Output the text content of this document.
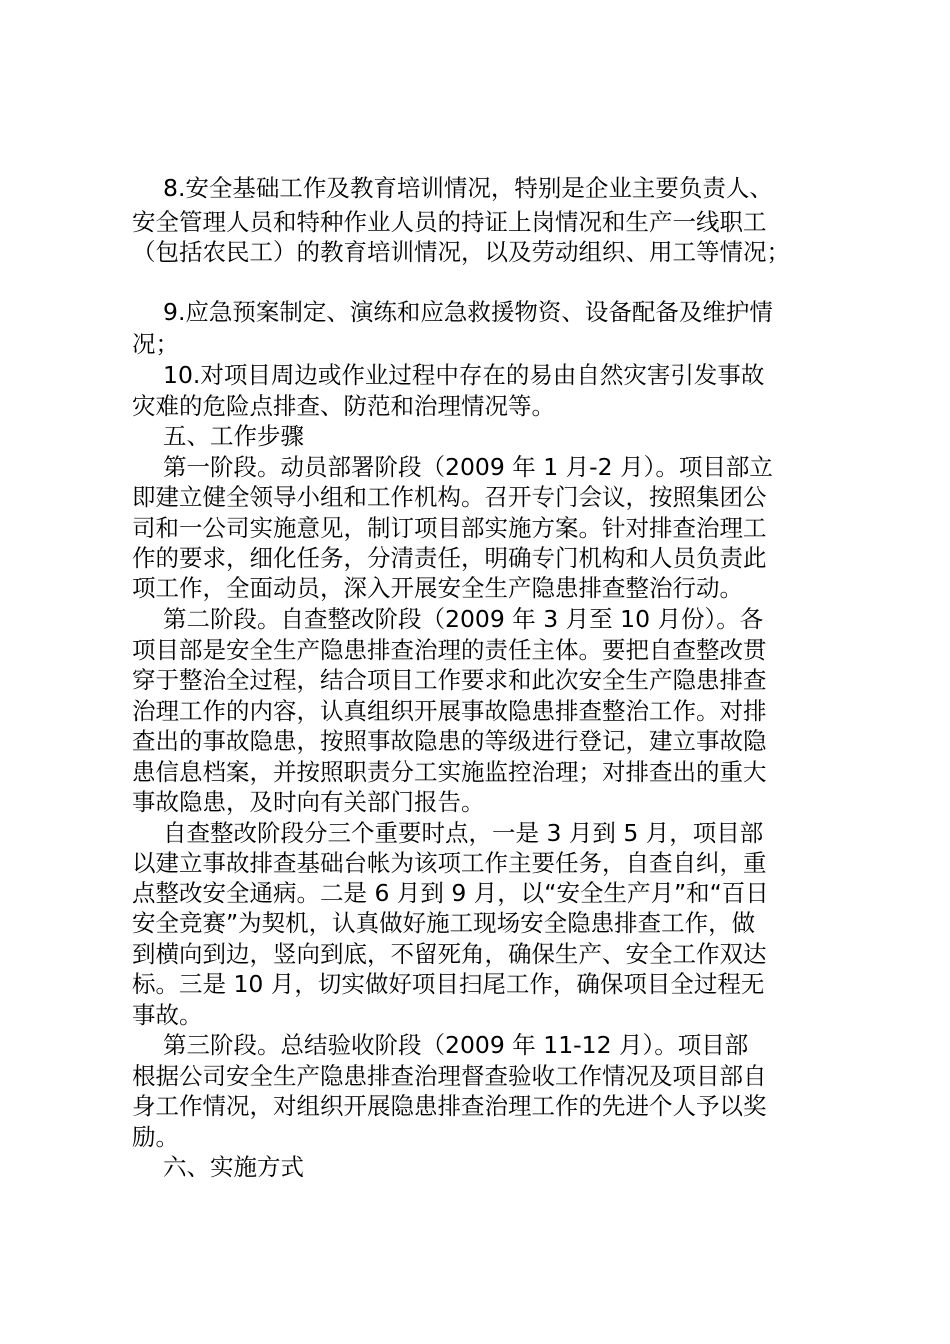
8.安全基础工作及教育培训情况，特别是企业主要负责人、
安全管理人员和特种作业人员的持证上岗情况和生产一线职工
（包括农民工）的教育培训情况，以及劳动组织、用工等情况；
9.应急预案制定、演练和应急救援物资、设备配备及维护情
况；
10.对项目周边或作业过程中存在的易由自然灾害引发事故
灾难的危险点排查、防范和治理情况等。
五、工作步骤
第一阶段。动员部署阶段（2009 年 1 月-2 月）。项目部立
即建立健全领导小组和工作机构。召开专门会议，按照集团公
司和一公司实施意见，制订项目部实施方案。针对排查治理工
作的要求，细化任务，分清责任，明确专门机构和人员负责此
项工作，全面动员，深入开展安全生产隐患排查整治行动。
第二阶段。自查整改阶段（2009 年 3 月至 10 月份）。各
项目部是安全生产隐患排查治理的责任主体。要把自查整改贯
穿于整治全过程，结合项目工作要求和此次安全生产隐患排查
治理工作的内容，认真组织开展事故隐患排查整治工作。对排
查出的事故隐患，按照事故隐患的等级进行登记，建立事故隐
患信息档案，并按照职责分工实施监控治理；对排查出的重大
事故隐患，及时向有关部门报告。
自查整改阶段分三个重要时点，一是 3 月到 5 月，项目部
以建立事故排查基础台帐为该项工作主要任务，自查自纠，重
点整改安全通病。二是 6 月到 9 月，以“安全生产月”和“百日
安全竞赛”为契机，认真做好施工现场安全隐患排查工作，做
到横向到边，竖向到底，不留死角，确保生产、安全工作双达
标。三是 10 月，切实做好项目扫尾工作，确保项目全过程无
事故。
第三阶段。总结验收阶段（2009 年 11-12 月）。项目部
根据公司安全生产隐患排查治理督查验收工作情况及项目部自
身工作情况，对组织开展隐患排查治理工作的先进个人予以奖
励。
六、实施方式
